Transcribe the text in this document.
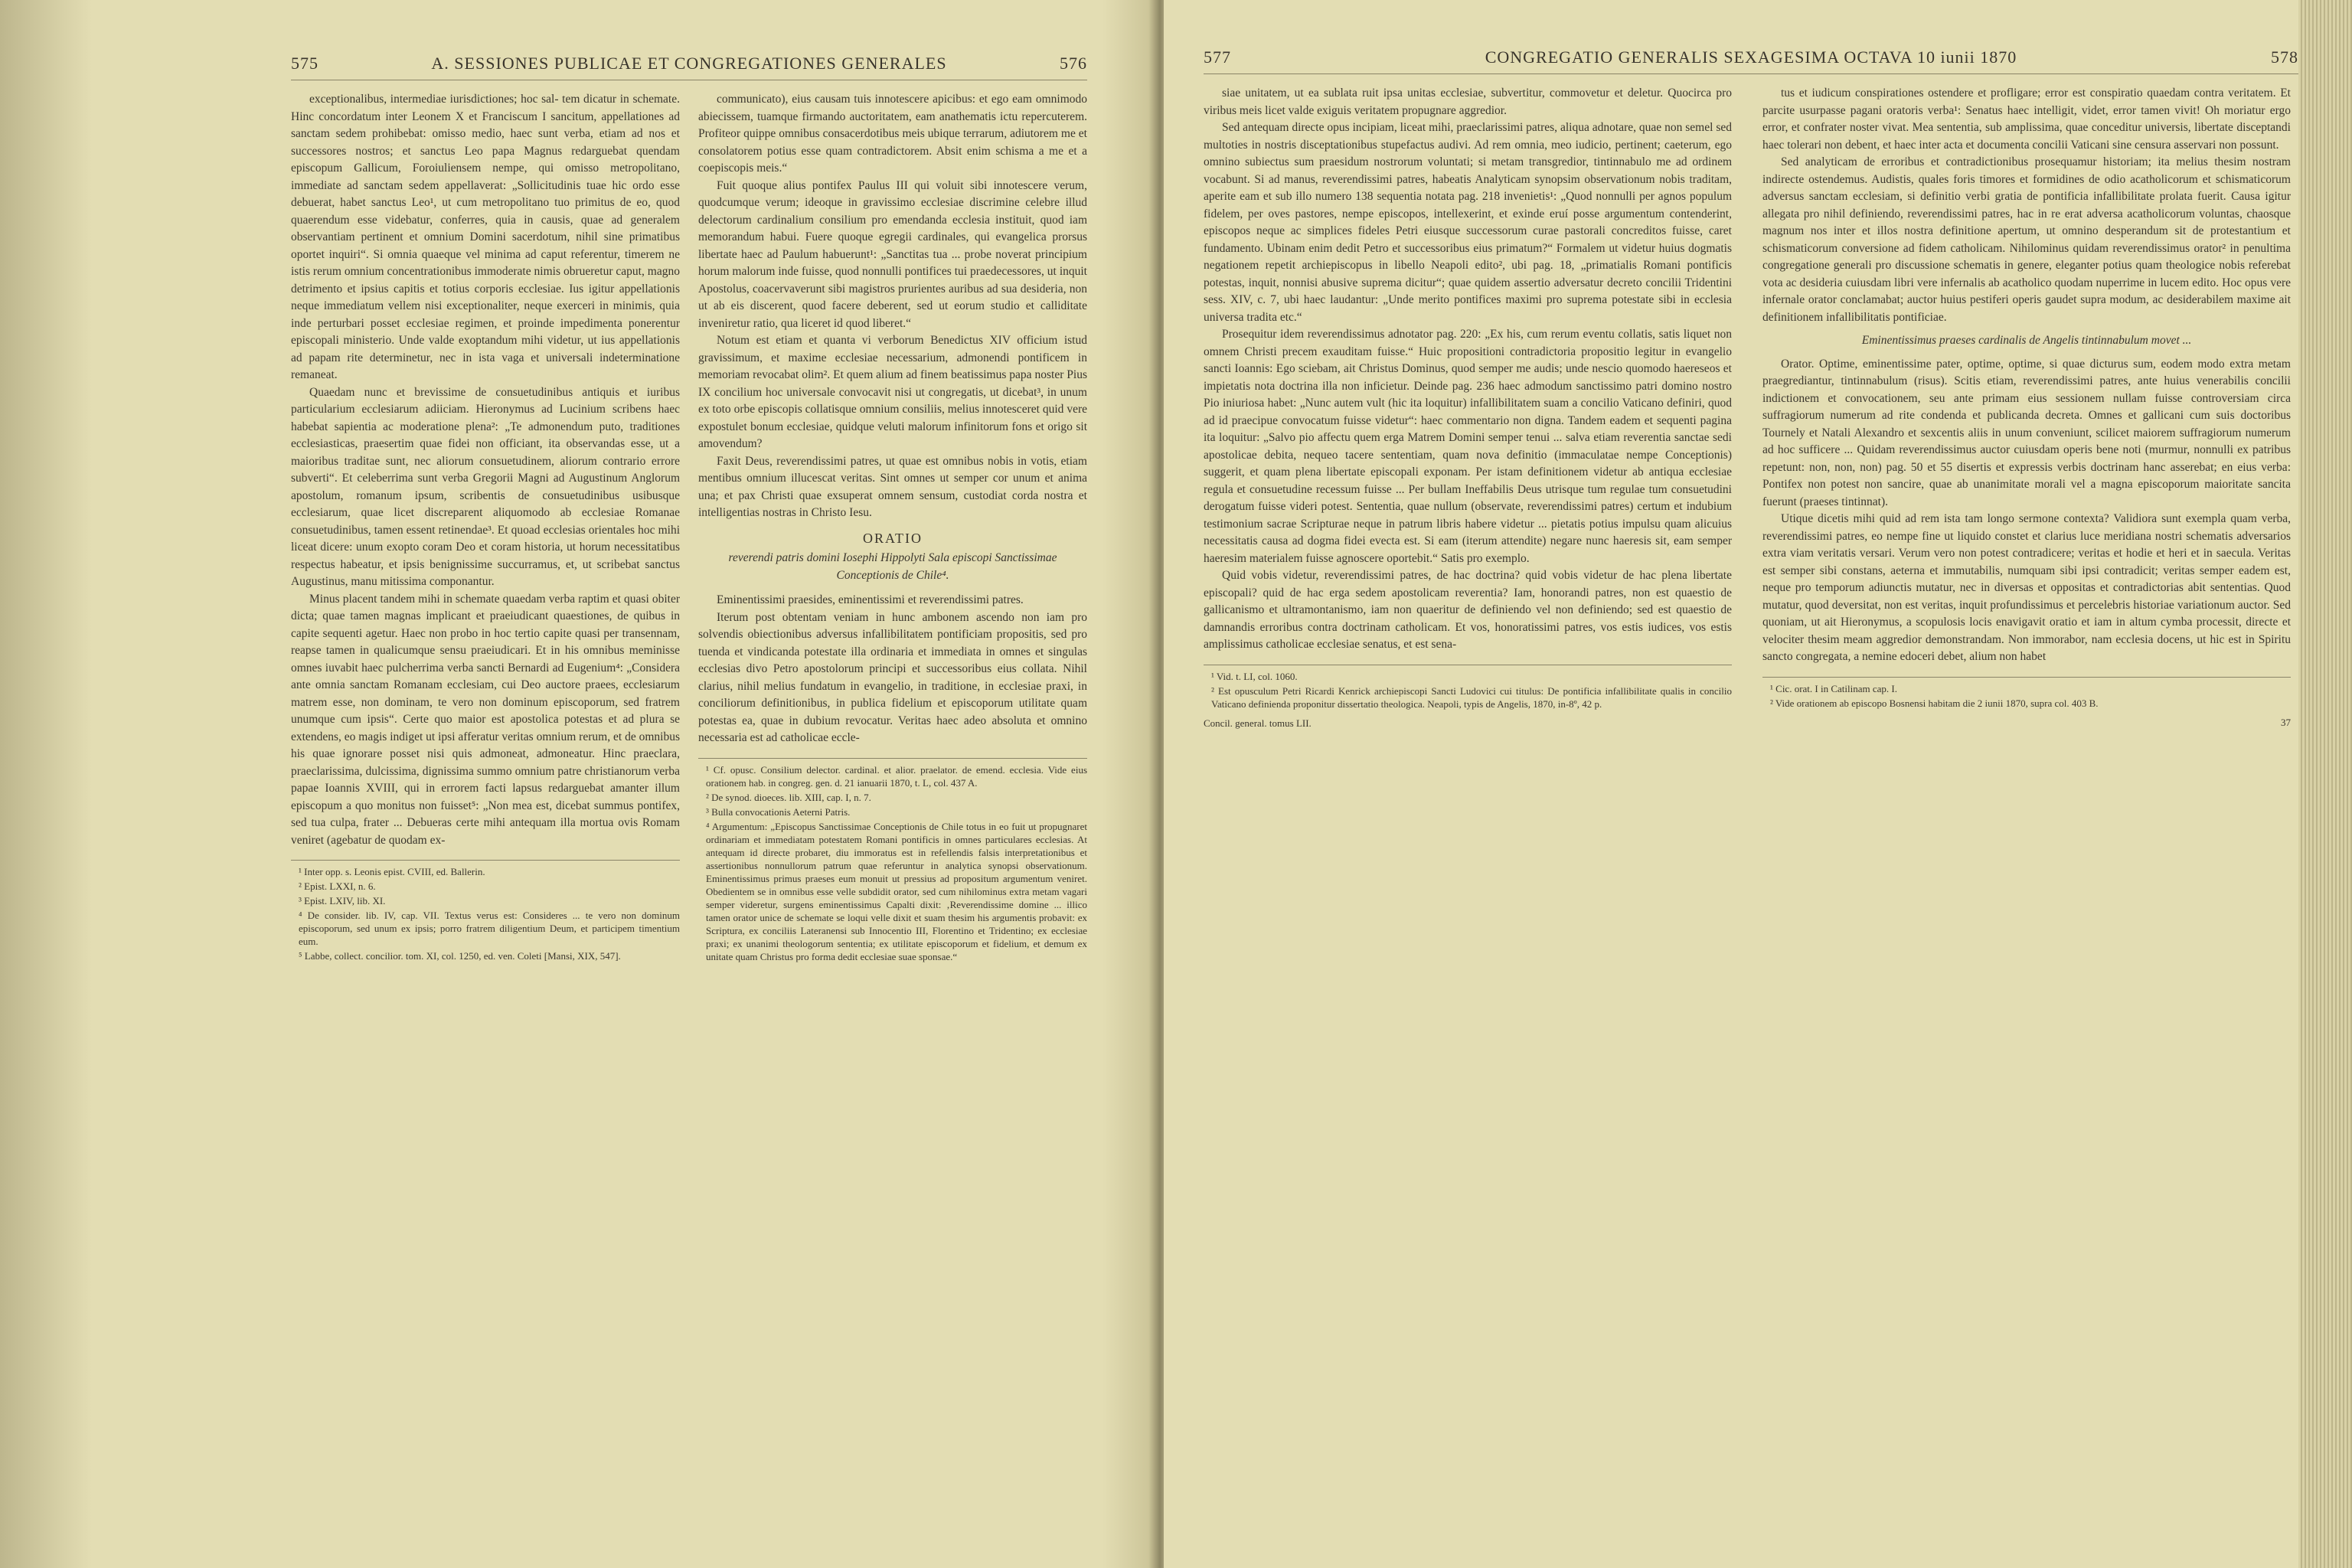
575	A. SESSIONES PUBLICAE ET CONGREGATIONES GENERALES	576

exceptionalibus, intermediae iurisdictiones; hoc sal- tem dicatur in schemate. Hinc concordatum inter Leonem X et Franciscum I sancitum, appellationes ad sanctam sedem prohibebat: omisso medio, haec sunt verba, etiam ad nos et successores nostros; et sanctus Leo papa Magnus redarguebat quendam episcopum Gallicum, Foroiuliensem nempe, qui omisso metropolitano, immediate ad sanctam sedem appellaverat: „Sollicitudinis tuae hic ordo esse debuerat, habet sanctus Leo¹, ut cum metropolitano tuo primitus de eo, quod quaerendum esse videbatur, conferres, quia in causis, quae ad generalem observantiam pertinent et omnium Domini sacerdotum, nihil sine primatibus oportet inquiri“. Si omnia quaeque vel minima ad caput referentur, timerem ne istis rerum omnium concentrationibus immoderate nimis obrueretur caput, magno detrimento et ipsius capitis et totius corporis ecclesiae. Ius igitur appellationis neque immediatum vellem nisi exceptionaliter, neque exerceri in minimis, quia inde perturbari posset ecclesiae regimen, et proinde impedimenta ponerentur episcopali ministerio. Unde valde exoptandum mihi videtur, ut ius appellationis ad papam rite determinetur, nec in ista vaga et universali indeterminatione remaneat.

Quaedam nunc et brevissime de consuetudinibus antiquis et iuribus particularium ecclesiarum adiiciam. Hieronymus ad Lucinium scribens haec habebat sapientia ac moderatione plena²: „Te admonendum puto, traditiones ecclesiasticas, praesertim quae fidei non officiant, ita observandas esse, ut a maioribus traditae sunt, nec aliorum consuetudinem, aliorum contrario errore subverti“. Et celeberrima sunt verba Gregorii Magni ad Augustinum Anglorum apostolum, romanum ipsum, scribentis de consuetudinibus usibusque ecclesiarum, quae licet discreparent aliquomodo ab ecclesiae Romanae consuetudinibus, tamen essent retinendae³. Et quoad ecclesias orientales hoc mihi liceat dicere: unum exopto coram Deo et coram historia, ut horum necessitatibus respectus habeatur, et ipsis benignissime succurramus, et, ut scribebat sanctus Augustinus, manu mitissima componantur.

Minus placent tandem mihi in schemate quaedam verba raptim et quasi obiter dicta; quae tamen magnas implicant et praeiudicant quaestiones, de quibus in capite sequenti agetur. Haec non probo in hoc tertio capite quasi per transennam, reapse tamen in qualicumque sensu praeiudicari. Et in his omnibus meminisse omnes iuvabit haec pulcherrima verba sancti Bernardi ad Eugenium⁴: „Considera ante omnia sanctam Romanam ecclesiam, cui Deo auctore praees, ecclesiarum matrem esse, non dominam, te vero non dominum episcoporum, sed fratrem unumque cum ipsis“. Certe quo maior est apostolica potestas et ad plura se extendens, eo magis indiget ut ipsi afferatur veritas omnium rerum, et de omnibus his quae ignorare posset nisi quis admoneat, admoneatur. Hinc praeclara, praeclarissima, dulcissima, dignissima summo omnium patre christianorum verba papae Ioannis XVIII, qui in errorem facti lapsus redarguebat amanter illum episcopum a quo monitus non fuisset⁵: „Non mea est, dicebat summus pontifex, sed tua culpa, frater ... Debueras certe mihi antequam illa mortua ovis Romam veniret (agebatur de quodam ex-

¹ Inter opp. s. Leonis epist. CVIII, ed. Ballerin.
² Epist. LXXI, n. 6.
³ Epist. LXIV, lib. XI.
⁴ De consider. lib. IV, cap. VII. Textus verus est: Consideres ... te vero non dominum episcoporum, sed unum ex ipsis; porro fratrem diligentium Deum, et participem timentium eum.
⁵ Labbe, collect. concilior. tom. XI, col. 1250, ed. ven. Coleti [Mansi, XIX, 547].

communicato), eius causam tuis innotescere apicibus: et ego eam omnimodo abiecissem, tuamque firmando auctoritatem, eam anathematis ictu repercuterem. Profiteor quippe omnibus consacerdotibus meis ubique terrarum, adiutorem me et consolatorem potius esse quam contradictorem. Absit enim schisma a me et a coepiscopis meis.“

Fuit quoque alius pontifex Paulus III qui voluit sibi innotescere verum, quodcumque verum; ideoque in gravissimo ecclesiae discrimine celebre illud delectorum cardinalium consilium pro emendanda ecclesia instituit, quod iam memorandum habui. Fuere quoque egregii cardinales, qui evangelica prorsus libertate haec ad Paulum habuerunt¹: „Sanctitas tua ... probe noverat principium horum malorum inde fuisse, quod nonnulli pontifices tui praedecessores, ut inquit Apostolus, coacervaverunt sibi magistros prurientes auribus ad sua desideria, non ut ab eis discerent, quod facere deberent, sed ut eorum studio et calliditate inveniretur ratio, qua liceret id quod liberet.“

Notum est etiam et quanta vi verborum Benedictus XIV officium istud gravissimum, et maxime ecclesiae necessarium, admonendi pontificem in memoriam revocabat olim². Et quem alium ad finem beatissimus papa noster Pius IX concilium hoc universale convocavit nisi ut congregatis, ut dicebat³, in unum ex toto orbe episcopis collatisque omnium consiliis, melius innotesceret quid vere expostulet bonum ecclesiae, quidque veluti malorum infinitorum fons et origo sit amovendum?

Faxit Deus, reverendissimi patres, ut quae est omnibus nobis in votis, etiam mentibus omnium illucescat veritas. Sint omnes ut semper cor unum et anima una; et pax Christi quae exsuperat omnem sensum, custodiat corda nostra et intelligentias nostras in Christo Iesu.

ORATIO
reverendi patris domini Iosephi Hippolyti Sala episcopi Sanctissimae Conceptionis de Chile⁴.

Eminentissimi praesides, eminentissimi et reverendissimi patres.

Iterum post obtentam veniam in hunc ambonem ascendo non iam pro solvendis obiectionibus adversus infallibilitatem pontificiam propositis, sed pro tuenda et vindicanda potestate illa ordinaria et immediata in omnes et singulas ecclesias divo Petro apostolorum principi et successoribus eius collata. Nihil clarius, nihil melius fundatum in evangelio, in traditione, in ecclesiae praxi, in conciliorum definitionibus, in publica fidelium et episcoporum utilitate quam potestas ea, quae in dubium revocatur. Veritas haec adeo absoluta et omnino necessaria est ad catholicae eccle-

¹ Cf. opusc. Consilium delector. cardinal. et alior. praelator. de emend. ecclesia. Vide eius orationem hab. in congreg. gen. d. 21 ianuarii 1870, t. L, col. 437 A.
² De synod. dioeces. lib. XIII, cap. I, n. 7.
³ Bulla convocationis Aeterni Patris.
⁴ Argumentum: „Episcopus Sanctissimae Conceptionis de Chile totus in eo fuit ut propugnaret ordinariam et immediatam potestatem Romani pontificis in omnes particulares ecclesias. At antequam id directe probaret, diu immoratus est in refellendis falsis interpretationibus et assertionibus nonnullorum patrum quae referuntur in analytica synopsi observationum. Eminentissimus primus praeses eum monuit ut pressius ad propositum argumentum veniret. Obedientem se in omnibus esse velle subdidit orator, sed cum nihilominus extra metam vagari semper videretur, surgens eminentissimus Capalti dixit: ‚Reverendissime domine ... illico tamen orator unice de schemate se loqui velle dixit et suam thesim his argumentis probavit: ex Scriptura, ex conciliis Lateranensi sub Innocentio III, Florentino et Tridentino; ex ecclesiae praxi; ex unanimi theologorum sententia; ex utilitate episcoporum et fidelium, et demum ex unitate quam Christus pro forma dedit ecclesiae suae sponsae.“
577	CONGREGATIO GENERALIS SEXAGESIMA OCTAVA 10 iunii 1870	578

siae unitatem, ut ea sublata ruit ipsa unitas ecclesiae, subvertitur, commovetur et deletur. Quocirca pro viribus meis licet valde exiguis veritatem propugnare aggredior.

Sed antequam directe opus incipiam, liceat mihi, praeclarissimi patres, aliqua adnotare, quae non semel sed multoties in nostris disceptationibus stupefactus audivi. Ad rem omnia, meo iudicio, pertinent; caeterum, ego omnino subiectus sum praesidum nostrorum voluntati; si metam transgredior, tintinnabulo me ad ordinem vocabunt. Si ad manus, reverendissimi patres, habeatis Analyticam synopsim observationum nobis traditam, aperite eam et sub illo numero 138 sequentia notata pag. 218 invenietis¹: „Quod nonnulli per agnos populum fidelem, per oves pastores, nempe episcopos, intellexerint, et exinde eruí posse argumentum contenderint, episcopos neque ac simplices fideles Petri eiusque successorum curae pastorali concreditos fuisse, caret fundamento. Ubinam enim dedit Petro et successoribus eius primatum?“ Formalem ut videtur huius dogmatis negationem repetit archiepiscopus in libello Neapoli edito², ubi pag. 18, „primatialis Romani pontificis potestas, inquit, nonnisi abusive suprema dicitur“; quae quidem assertio adversatur decreto concilii Tridentini sess. XIV, c. 7, ubi haec laudantur: „Unde merito pontifices maximi pro suprema potestate sibi in ecclesia universa tradita etc.“

Prosequitur idem reverendissimus adnotator pag. 220: „Ex his, cum rerum eventu collatis, satis liquet non omnem Christi precem exauditam fuisse.“ Huic propositioni contradictoria propositio legitur in evangelio sancti Ioannis: Ego sciebam, ait Christus Dominus, quod semper me audis; unde nescio quomodo haereseos et impietatis nota doctrina illa non inficietur. Deinde pag. 236 haec admodum sanctissimo patri domino nostro Pio iniuriosa habet: „Nunc autem vult (hic ita loquitur) infallibilitatem suam a concilio Vaticano definiri, quod ad id praecipue convocatum fuisse videtur“: haec commentario non digna. Tandem eadem et sequenti pagina ita loquitur: „Salvo pio affectu quem erga Matrem Domini semper tenui ... salva etiam reverentia sanctae sedi apostolicae debita, nequeo tacere sententiam, quam nova definitio (immaculatae nempe Conceptionis) suggerit, et quam plena libertate episcopali exponam. Per istam definitionem videtur ab antiqua ecclesiae regula et consuetudine recessum fuisse ... Per bullam Ineffabilis Deus utrisque tum regulae tum consuetudini derogatum fuisse videri potest. Sententia, quae nullum (observate, reverendissimi patres) certum et indubium testimonium sacrae Scripturae neque in patrum libris habere videtur ... pietatis potius impulsu quam alicuius necessitatis causa ad dogma fidei evecta est. Si eam (iterum attendite) negare nunc haeresis sit, eam semper haeresim materialem fuisse agnoscere oportebit.“ Satis pro exemplo.

Quid vobis videtur, reverendissimi patres, de hac doctrina? quid vobis videtur de hac plena libertate episcopali? quid de hac erga sedem apostolicam reverentia? Iam, honorandi patres, non est quaestio de gallicanismo et ultramontanismo, iam non quaeritur de definiendo vel non definiendo; sed est quaestio de damnandis erroribus contra doctrinam catholicam. Et vos, honoratissimi patres, vos estis iudices, vos estis amplissimus catholicae ecclesiae senatus, et est sena-

¹ Vid. t. LI, col. 1060.
² Est opusculum Petri Ricardi Kenrick archiepiscopi Sancti Ludovici cui titulus: De pontificia infallibilitate qualis in concilio Vaticano definienda proponitur dissertatio theologica. Neapoli, typis de Angelis, 1870, in-8º, 42 p.
Concil. general. tomus LII.

tus et iudicum conspirationes ostendere et profligare; error est conspiratio quaedam contra veritatem. Et parcite usurpasse pagani oratoris verba¹: Senatus haec intelligit, videt, error tamen vivit! Oh moriatur ergo error, et confrater noster vivat. Mea sententia, sub amplissima, quae conceditur universis, libertate disceptandi haec tolerari non debent, et haec inter acta et documenta concilii Vaticani sine censura asservari non possunt.

Sed analyticam de erroribus et contradictionibus prosequamur historiam; ita melius thesim nostram indirecte ostendemus. Audistis, quales foris timores et formidines de odio acatholicorum et schismaticorum adversus sanctam ecclesiam, si definitio verbi gratia de pontificia infallibilitate prolata fuerit. Causa igitur allegata pro nihil definiendo, reverendissimi patres, hac in re erat adversa acatholicorum voluntas, chaosque magnum nos inter et illos nostra definitione apertum, ut omnino desperandum sit de protestantium et schismaticorum conversione ad fidem catholicam. Nihilominus quidam reverendissimus orator² in penultima congregatione generali pro discussione schematis in genere, eleganter potius quam theologice nobis referebat vota ac desideria cuiusdam libri vere infernalis ab acatholico quodam nuperrime in lucem edito. Hoc opus vere infernale orator conclamabat; auctor huius pestiferi operis gaudet supra modum, ac desiderabilem maxime ait definitionem infallibilitatis pontificiae.

Eminentissimus praeses cardinalis de Angelis tintinnabulum movet ...

Orator. Optime, eminentissime pater, optime, optime, si quae dicturus sum, eodem modo extra metam praegrediantur, tintinnabulum (risus). Scitis etiam, reverendissimi patres, ante huius venerabilis concilii indictionem et convocationem, seu ante primam eius sessionem nullam fuisse controversiam circa suffragiorum numerum ad rite condenda et publicanda decreta. Omnes et gallicani cum suis doctoribus Tournely et Natali Alexandro et sexcentis aliis in unum conveniunt, scilicet maiorem suffragiorum numerum ad hoc sufficere ... Quidam reverendissimus auctor cuiusdam operis bene noti (murmur, nonnulli ex patribus repetunt: non, non, non) pag. 50 et 55 disertis et expressis verbis doctrinam hanc asserebat; en eius verba: Pontifex non potest non sancire, quae ab unanimitate morali vel a magna episcoporum maioritate sancita fuerunt (praeses tintinnat).

Utique dicetis mihi quid ad rem ista tam longo sermone contexta? Validiora sunt exempla quam verba, reverendissimi patres, eo nempe fine ut liquido constet et clarius luce meridiana nostri schematis adversarios extra viam veritatis versari. Verum vero non potest contradicere; veritas et hodie et heri et in saecula. Veritas est semper sibi constans, aeterna et immutabilis, numquam sibi ipsi contradicit; veritas semper eadem est, neque pro temporum adiunctis mutatur, nec in diversas et oppositas et contradictorias abit sententias. Quod mutatur, quod deversitat, non est veritas, inquit profundissimus et percelebris historiae variationum auctor. Sed quoniam, ut ait Hieronymus, a scopulosis locis enavigavit oratio et iam in altum cymba processit, directe et velociter thesim meam aggredior demonstrandam. Non immorabor, nam ecclesia docens, ut hic est in Spiritu sancto congregata, a nemine edoceri debet, alium non habet

¹ Cic. orat. I in Catilinam cap. I.
² Vide orationem ab episcopo Bosnensi habitam die 2 iunii 1870, supra col. 403 B.
37
